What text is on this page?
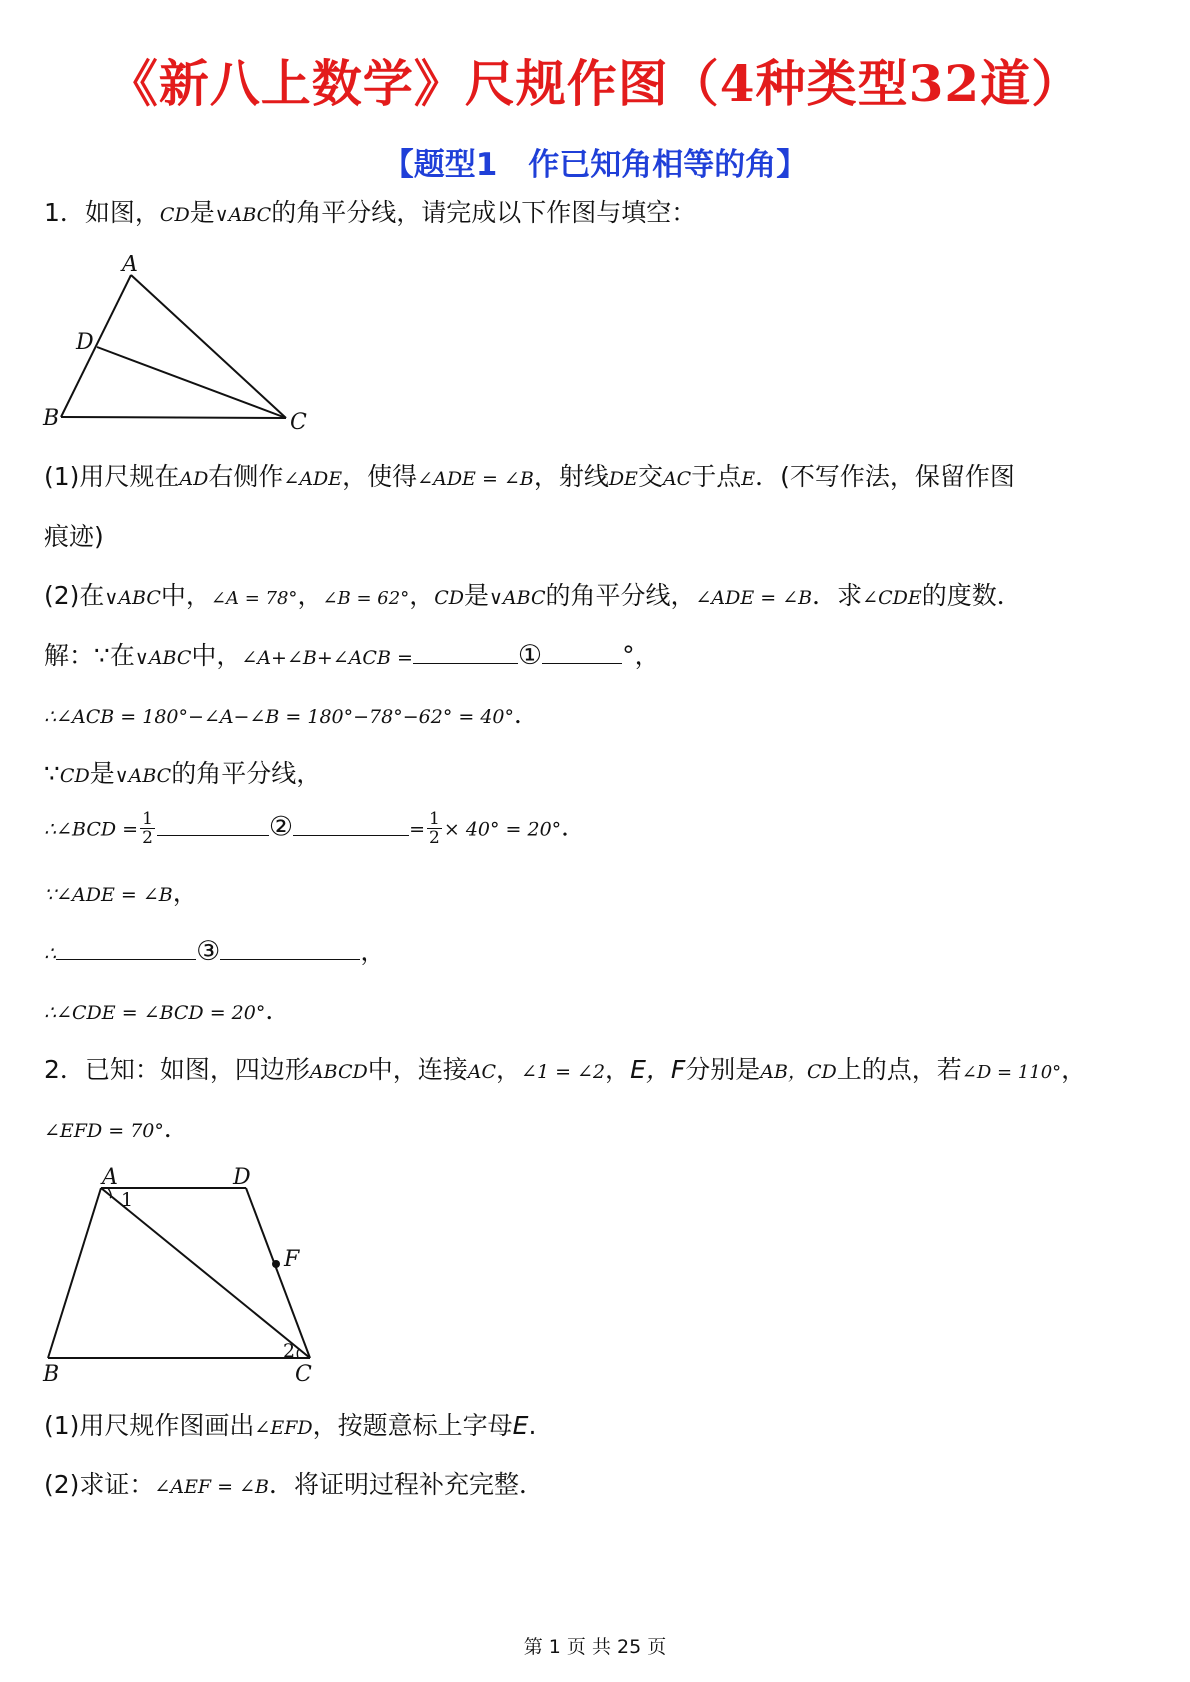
《新八上数学》尺规作图（4种类型32道）
【题型1　作已知角相等的角】
1．如图，CD是∨ABC的角平分线，请完成以下作图与填空：
A
B	C
D
(1)用尺规在AD右侧作∠ADE，使得∠ADE = ∠B，射线DE交AC于点E．(不写作法，保留作图
痕迹)
(2)在∨ABC中，∠A = 78°，∠B = 62°，CD是∨ABC的角平分线，∠ADE = ∠B．求∠CDE的度数．
解：∵在∨ABC中，∠A+∠B+∠ACB =	①	°，
∴∠ACB = 180°−∠A−∠B = 180°−78°−62° = 40°．
∵CD是∨ABC的角平分线，
∴∠BCD = $\frac{1}{2}$	②	= $\frac{1}{2} \times 40^\circ = 20^\circ$．
∵∠ADE = ∠B，
∴	③	，
∴∠CDE = ∠BCD = 20°．
2．已知：如图，四边形ABCD中，连接AC，∠1 = ∠2，E，F分别是AB，CD上的点，若∠D = 110°，
∠EFD = 70°．
A	D
B	C
F
1
2
(1)用尺规作图画出∠EFD，按题意标上字母E.
(2)求证：∠AEF = ∠B．将证明过程补充完整．
第 1 页 共 25 页
